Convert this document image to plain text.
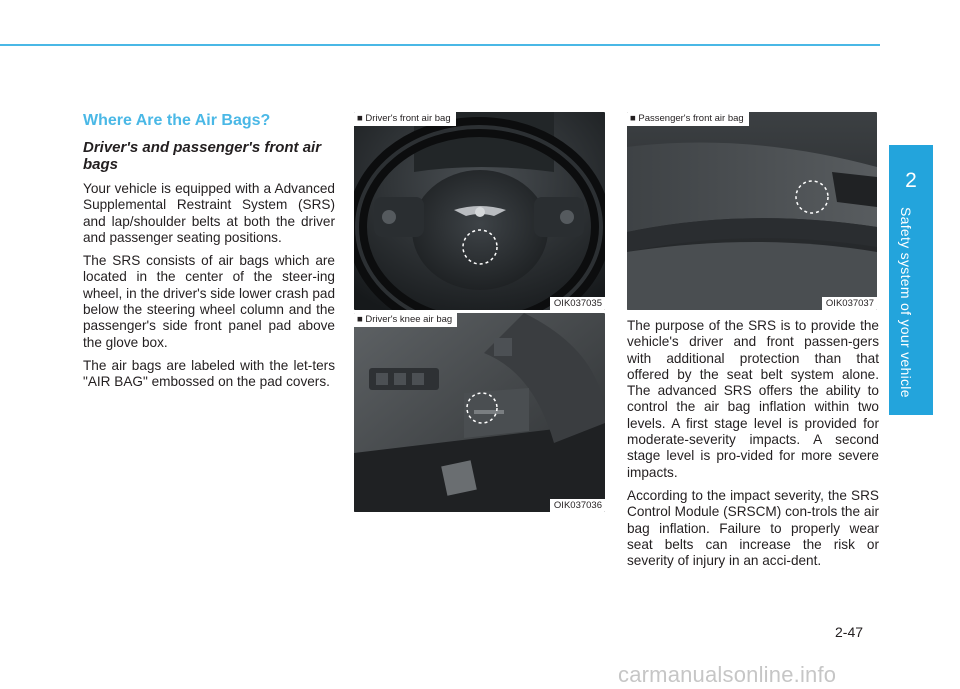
2
Safety system of your vehicle
Where Are the Air Bags?
Driver's and passenger's front air bags

Your vehicle is equipped with a Advanced Supplemental Restraint System (SRS) and lap/shoulder belts at both the driver and passenger seating positions.

The SRS consists of air bags which are located in the center of the steer-ing wheel, in the driver's side lower crash pad below the steering wheel column and the passenger's side front panel pad above the glove box.

The air bags are labeled with the let-ters "AIR BAG" embossed on the pad covers.

■ Driver's front air bag
OIK037035
■ Driver's knee air bag
OIK037036
■ Passenger's front air bag
OIK037037

The purpose of the SRS is to provide the vehicle's driver and front passen-gers with additional protection than that offered by the seat belt system alone. The advanced SRS offers the ability to control the air bag inflation within two levels. A first stage level is provided for moderate-severity impacts. A second stage level is pro-vided for more severe impacts.

According to the impact severity, the SRS Control Module (SRSCM) con-trols the air bag inflation. Failure to properly wear seat belts can increase the risk or severity of injury in an acci-dent.

2-47
carmanualsonline.info
